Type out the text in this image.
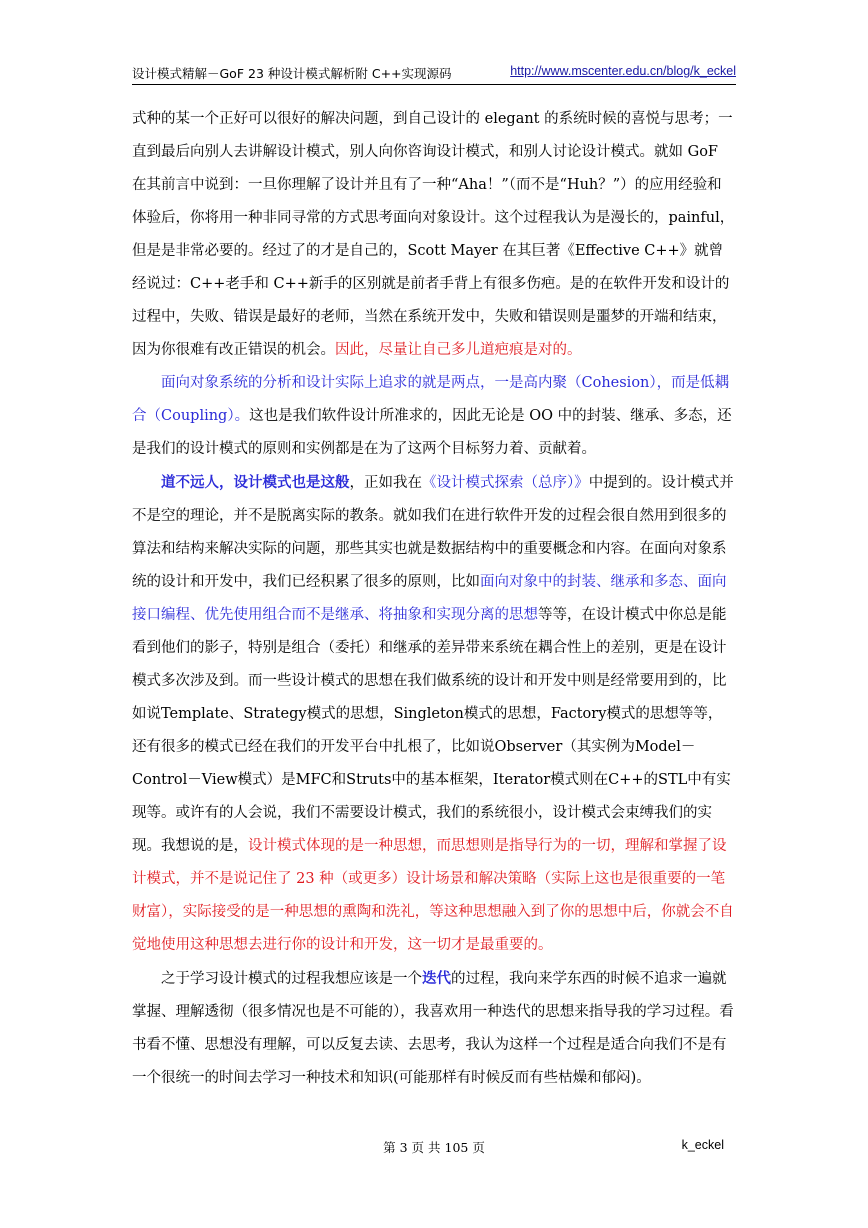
设计模式精解－GoF 23 种设计模式解析附 C++实现源码	http://www.mscenter.edu.cn/blog/k_eckel

式种的某一个正好可以很好的解决问题，到自己设计的 elegant 的系统时候的喜悦与思考；一直到最后向别人去讲解设计模式，别人向你咨询设计模式，和别人讨论设计模式。就如 GoF 在其前言中说到：一旦你理解了设计并且有了一种“Aha！”（而不是“Huh？”）的应用经验和体验后，你将用一种非同寻常的方式思考面向对象设计。这个过程我认为是漫长的，painful，但是是非常必要的。经过了的才是自己的，Scott Mayer 在其巨著《Effective C++》就曾经说过：C++老手和 C++新手的区别就是前者手背上有很多伤疤。是的在软件开发和设计的过程中，失败、错误是最好的老师，当然在系统开发中，失败和错误则是噩梦的开端和结束，因为你很难有改正错误的机会。因此，尽量让自己多儿道疤痕是对的。

面向对象系统的分析和设计实际上追求的就是两点，一是高内聚（Cohesion），而是低耦合（Coupling）。这也是我们软件设计所准求的，因此无论是 OO 中的封装、继承、多态，还是我们的设计模式的原则和实例都是在为了这两个目标努力着、贡献着。

道不远人，设计模式也是这般，正如我在《设计模式探索（总序）》中提到的。设计模式并不是空的理论，并不是脱离实际的教条。就如我们在进行软件开发的过程会很自然用到很多的算法和结构来解决实际的问题，那些其实也就是数据结构中的重要概念和内容。在面向对象系统的设计和开发中，我们已经积累了很多的原则，比如面向对象中的封装、继承和多态、面向接口编程、优先使用组合而不是继承、将抽象和实现分离的思想等等，在设计模式中你总是能看到他们的影子，特别是组合（委托）和继承的差异带来系统在耦合性上的差别，更是在设计模式多次涉及到。而一些设计模式的思想在我们做系统的设计和开发中则是经常要用到的，比如说Template、Strategy模式的思想，Singleton模式的思想，Factory模式的思想等等，还有很多的模式已经在我们的开发平台中扎根了，比如说Observer（其实例为Model－Control－View模式）是MFC和Struts中的基本框架，Iterator模式则在C++的STL中有实现等。或许有的人会说，我们不需要设计模式，我们的系统很小，设计模式会束缚我们的实现。我想说的是，设计模式体现的是一种思想，而思想则是指导行为的一切，理解和掌握了设计模式，并不是说记住了 23 种（或更多）设计场景和解决策略（实际上这也是很重要的一笔财富），实际接受的是一种思想的熏陶和洗礼，等这种思想融入到了你的思想中后，你就会不自觉地使用这种思想去进行你的设计和开发，这一切才是最重要的。

之于学习设计模式的过程我想应该是一个迭代的过程，我向来学东西的时候不追求一遍就掌握、理解透彻（很多情况也是不可能的），我喜欢用一种迭代的思想来指导我的学习过程。看书看不懂、思想没有理解，可以反复去读、去思考，我认为这样一个过程是适合向我们不是有一个很统一的时间去学习一种技术和知识(可能那样有时候反而有些枯燥和郁闷)。

第 3 页 共 105 页	k_eckel
